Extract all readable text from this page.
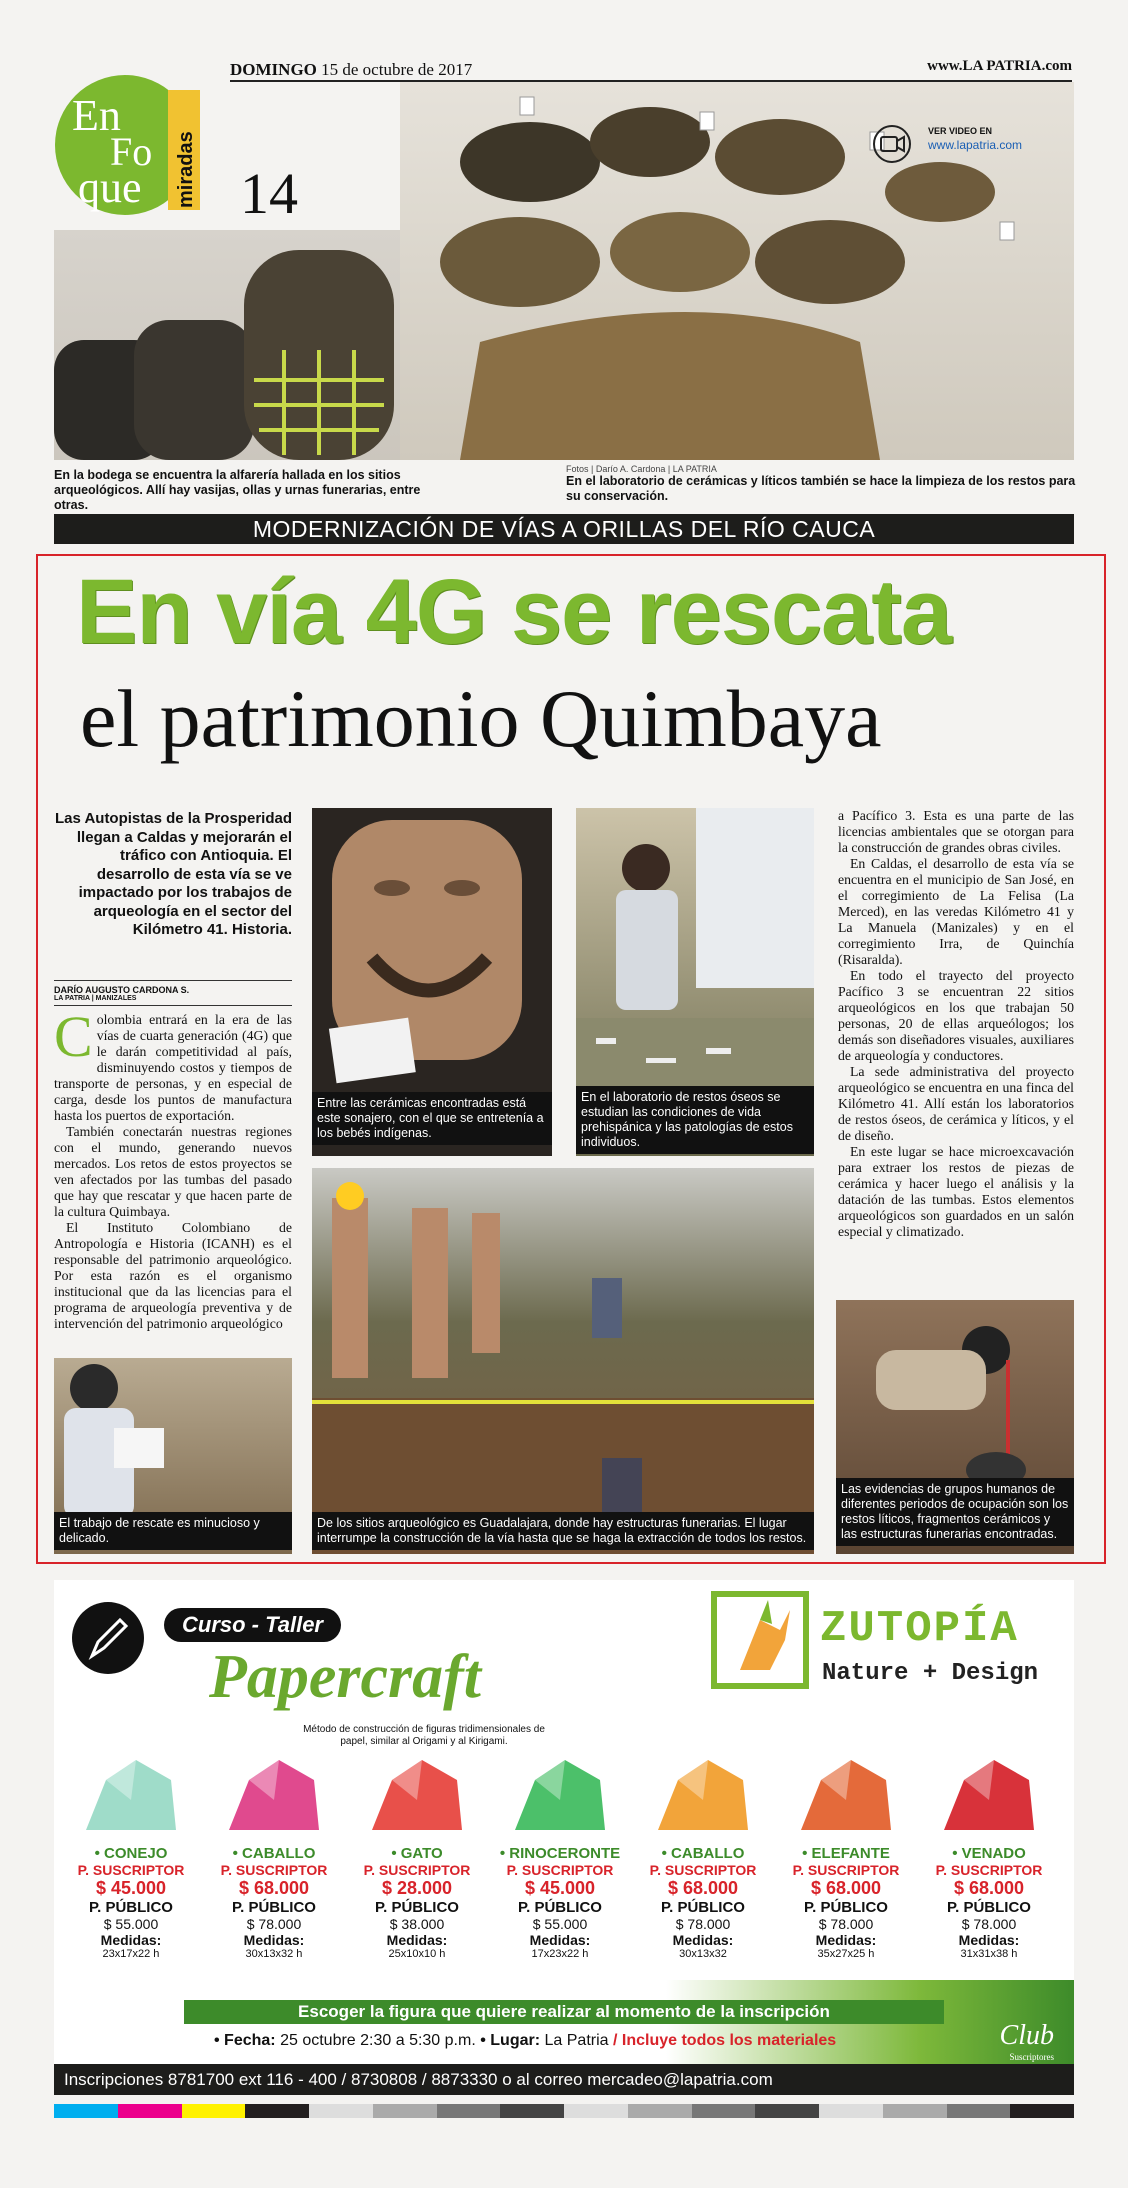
DOMINGO 15 de octubre de 2017	www.LA PATRIA.com
En
Fo
que miradas 14
VER VIDEO EN
www.lapatria.com
En la bodega se encuentra la alfarería hallada en los sitios arqueológicos. Allí hay vasijas, ollas y urnas funerarias, entre otras.
Fotos | Darío A. Cardona | LA PATRIA
En el laboratorio de cerámicas y líticos también se hace la limpieza de los restos para su conservación.
MODERNIZACIÓN DE VÍAS A ORILLAS DEL RÍO CAUCA
En vía 4G se rescata
el patrimonio Quimbaya
Las Autopistas de la Prosperidad llegan a Caldas y mejorarán el tráfico con Antioquia. El desarrollo de esta vía se ve impactado por los trabajos de arqueología en el sector del Kilómetro 41. Historia.
DARÍO AUGUSTO CARDONA S.
LA PATRIA | MANIZALES

Colombia entrará en la era de las vías de cuarta generación (4G) que le darán competitividad al país, disminuyendo costos y tiempos de transporte de personas, y en especial de carga, desde los puntos de manufactura hasta los puertos de exportación.

También conectarán nuestras regiones con el mundo, generando nuevos mercados. Los retos de estos proyectos se ven afectados por las tumbas del pasado que hay que rescatar y que hacen parte de la cultura Quimbaya.

El Instituto Colombiano de Antropología e Historia (ICANH) es el responsable del patrimonio arqueológico. Por esta razón es el organismo institucional que da las licencias para el programa de arqueología preventiva y de intervención del patrimonio arqueológico

Entre las cerámicas encontradas está este sonajero, con el que se entretenía a los bebés indígenas.
En el laboratorio de restos óseos se estudian las condiciones de vida prehispánica y las patologías de estos individuos.

a Pacífico 3. Esta es una parte de las licencias ambientales que se otorgan para la construcción de grandes obras civiles.

En Caldas, el desarrollo de esta vía se encuentra en el municipio de San José, en el corregimiento de La Felisa (La Merced), en las veredas Kilómetro 41 y La Manuela (Manizales) y en el corregimiento Irra, de Quinchía (Risaralda).

En todo el trayecto del proyecto Pacífico 3 se encuentran 22 sitios arqueológicos en los que trabajan 50 personas, 20 de ellas arqueólogos; los demás son diseñadores visuales, auxiliares de arqueología y conductores.

La sede administrativa del proyecto arqueológico se encuentra en una finca del Kilómetro 41. Allí están los laboratorios de restos óseos, de cerámica y líticos, y el de diseño.

En este lugar se hace microexcavación para extraer los restos de piezas de cerámica y hacer luego el análisis y la datación de las tumbas. Estos elementos arqueológicos son guardados en un salón especial y climatizado.

De los sitios arqueológico es Guadalajara, donde hay estructuras funerarias. El lugar interrumpe la construcción de la vía hasta que se haga la extracción de todos los restos.
El trabajo de rescate es minucioso y delicado.
Las evidencias de grupos humanos de diferentes periodos de ocupación son los restos líticos, fragmentos cerámicos y las estructuras funerarias encontradas.
Curso - Taller
Papercraft
Método de construcción de figuras tridimensionales de papel, similar al Origami y al Kirigami.
ZUTOPÍA
Nature + Design
Escoger la figura que quiere realizar al momento de la inscripción
• Fecha: 25 octubre 2:30 a 5:30 p.m. • Lugar: La Patria / Incluye todos los materiales	Club
Suscriptores
Inscripciones 8781700 ext 116 - 400 / 8730808 / 8873330 o al correo mercadeo@lapatria.com
• CONEJO
P. SUSCRIPTOR
$ 45.000
P. PÚBLICO
$ 55.000
Medidas:
23x17x22 h
• CABALLO
P. SUSCRIPTOR
$ 68.000
P. PÚBLICO
$ 78.000
Medidas:
30x13x32 h
• GATO
P. SUSCRIPTOR
$ 28.000
P. PÚBLICO
$ 38.000
Medidas:
25x10x10 h
• RINOCERONTE
P. SUSCRIPTOR
$ 45.000
P. PÚBLICO
$ 55.000
Medidas:
17x23x22 h
• CABALLO
P. SUSCRIPTOR
$ 68.000
P. PÚBLICO
$ 78.000
Medidas:
30x13x32
• ELEFANTE
P. SUSCRIPTOR
$ 68.000
P. PÚBLICO
$ 78.000
Medidas:
35x27x25 h
• VENADO
P. SUSCRIPTOR
$ 68.000
P. PÚBLICO
$ 78.000
Medidas:
31x31x38 h
